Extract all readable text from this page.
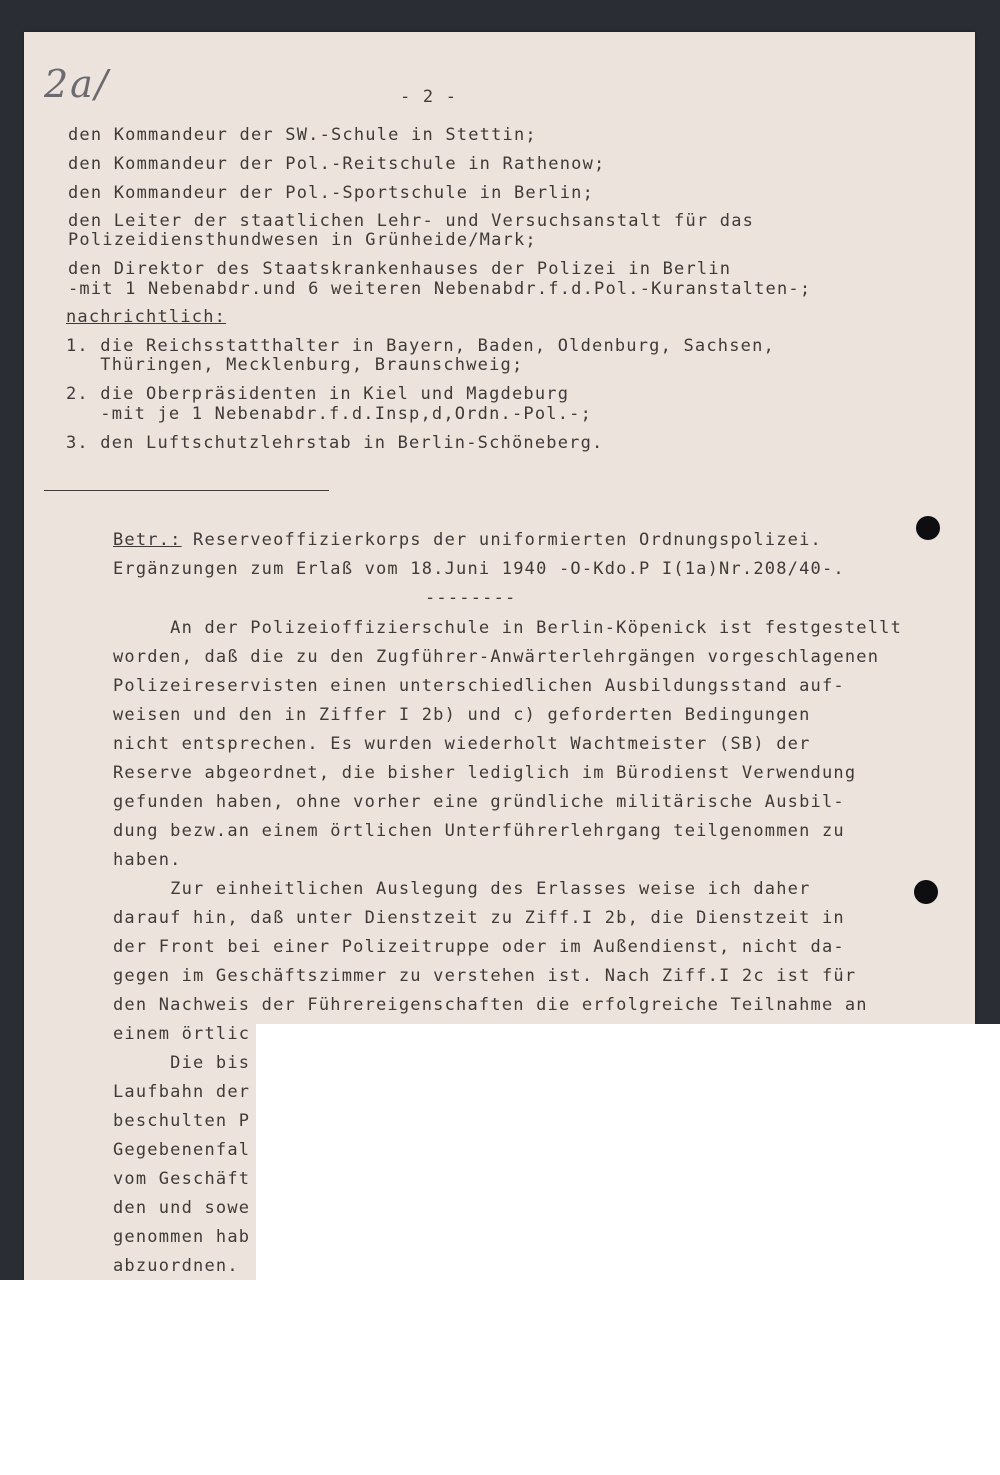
2a/	- 2 -
den Kommandeur der SW.-Schule in Stettin;
den Kommandeur der Pol.-Reitschule in Rathenow;
den Kommandeur der Pol.-Sportschule in Berlin;
den Leiter der staatlichen Lehr- und Versuchsanstalt für das
Polizeidiensthundwesen in Grünheide/Mark;
den Direktor des Staatskrankenhauses der Polizei in Berlin
-mit 1 Nebenabdr.und 6 weiteren Nebenabdr.f.d.Pol.-Kuranstalten-;
nachrichtlich:
1. die Reichsstatthalter in Bayern, Baden, Oldenburg, Sachsen,
Thüringen, Mecklenburg, Braunschweig;
2. die Oberpräsidenten in Kiel und Magdeburg
-mit je 1 Nebenabdr.f.d.Insp,d,Ordn.-Pol.-;
3. den Luftschutzlehrstab in Berlin-Schöneberg.
Betr.: Reserveoffizierkorps der uniformierten Ordnungspolizei.
Ergänzungen zum Erlaß vom 18.Juni 1940 -O-Kdo.P I(1a)Nr.208/40-.
--------
An der Polizeioffizierschule in Berlin-Köpenick ist festgestellt
worden, daß die zu den Zugführer-Anwärterlehrgängen vorgeschlagenen
Polizeireservisten einen unterschiedlichen Ausbildungsstand auf-
weisen und den in Ziffer I 2b) und c) geforderten Bedingungen
nicht entsprechen. Es wurden wiederholt Wachtmeister (SB) der
Reserve abgeordnet, die bisher lediglich im Bürodienst Verwendung
gefunden haben, ohne vorher eine gründliche militärische Ausbil-
dung bezw.an einem örtlichen Unterführerlehrgang teilgenommen zu
haben.
Zur einheitlichen Auslegung des Erlasses weise ich daher
darauf hin, daß unter Dienstzeit zu Ziff.I 2b, die Dienstzeit in
der Front bei einer Polizeitruppe oder im Außendienst, nicht da-
gegen im Geschäftszimmer zu verstehen ist. Nach Ziff.I 2c ist für
den Nachweis der Führereigenschaften die erfolgreiche Teilnahme an
einem örtlic
Die bis
Laufbahn der
beschulten P
Gegebenenfal
vom Geschäft
den und sowe
genommen hab
abzuordnen.
